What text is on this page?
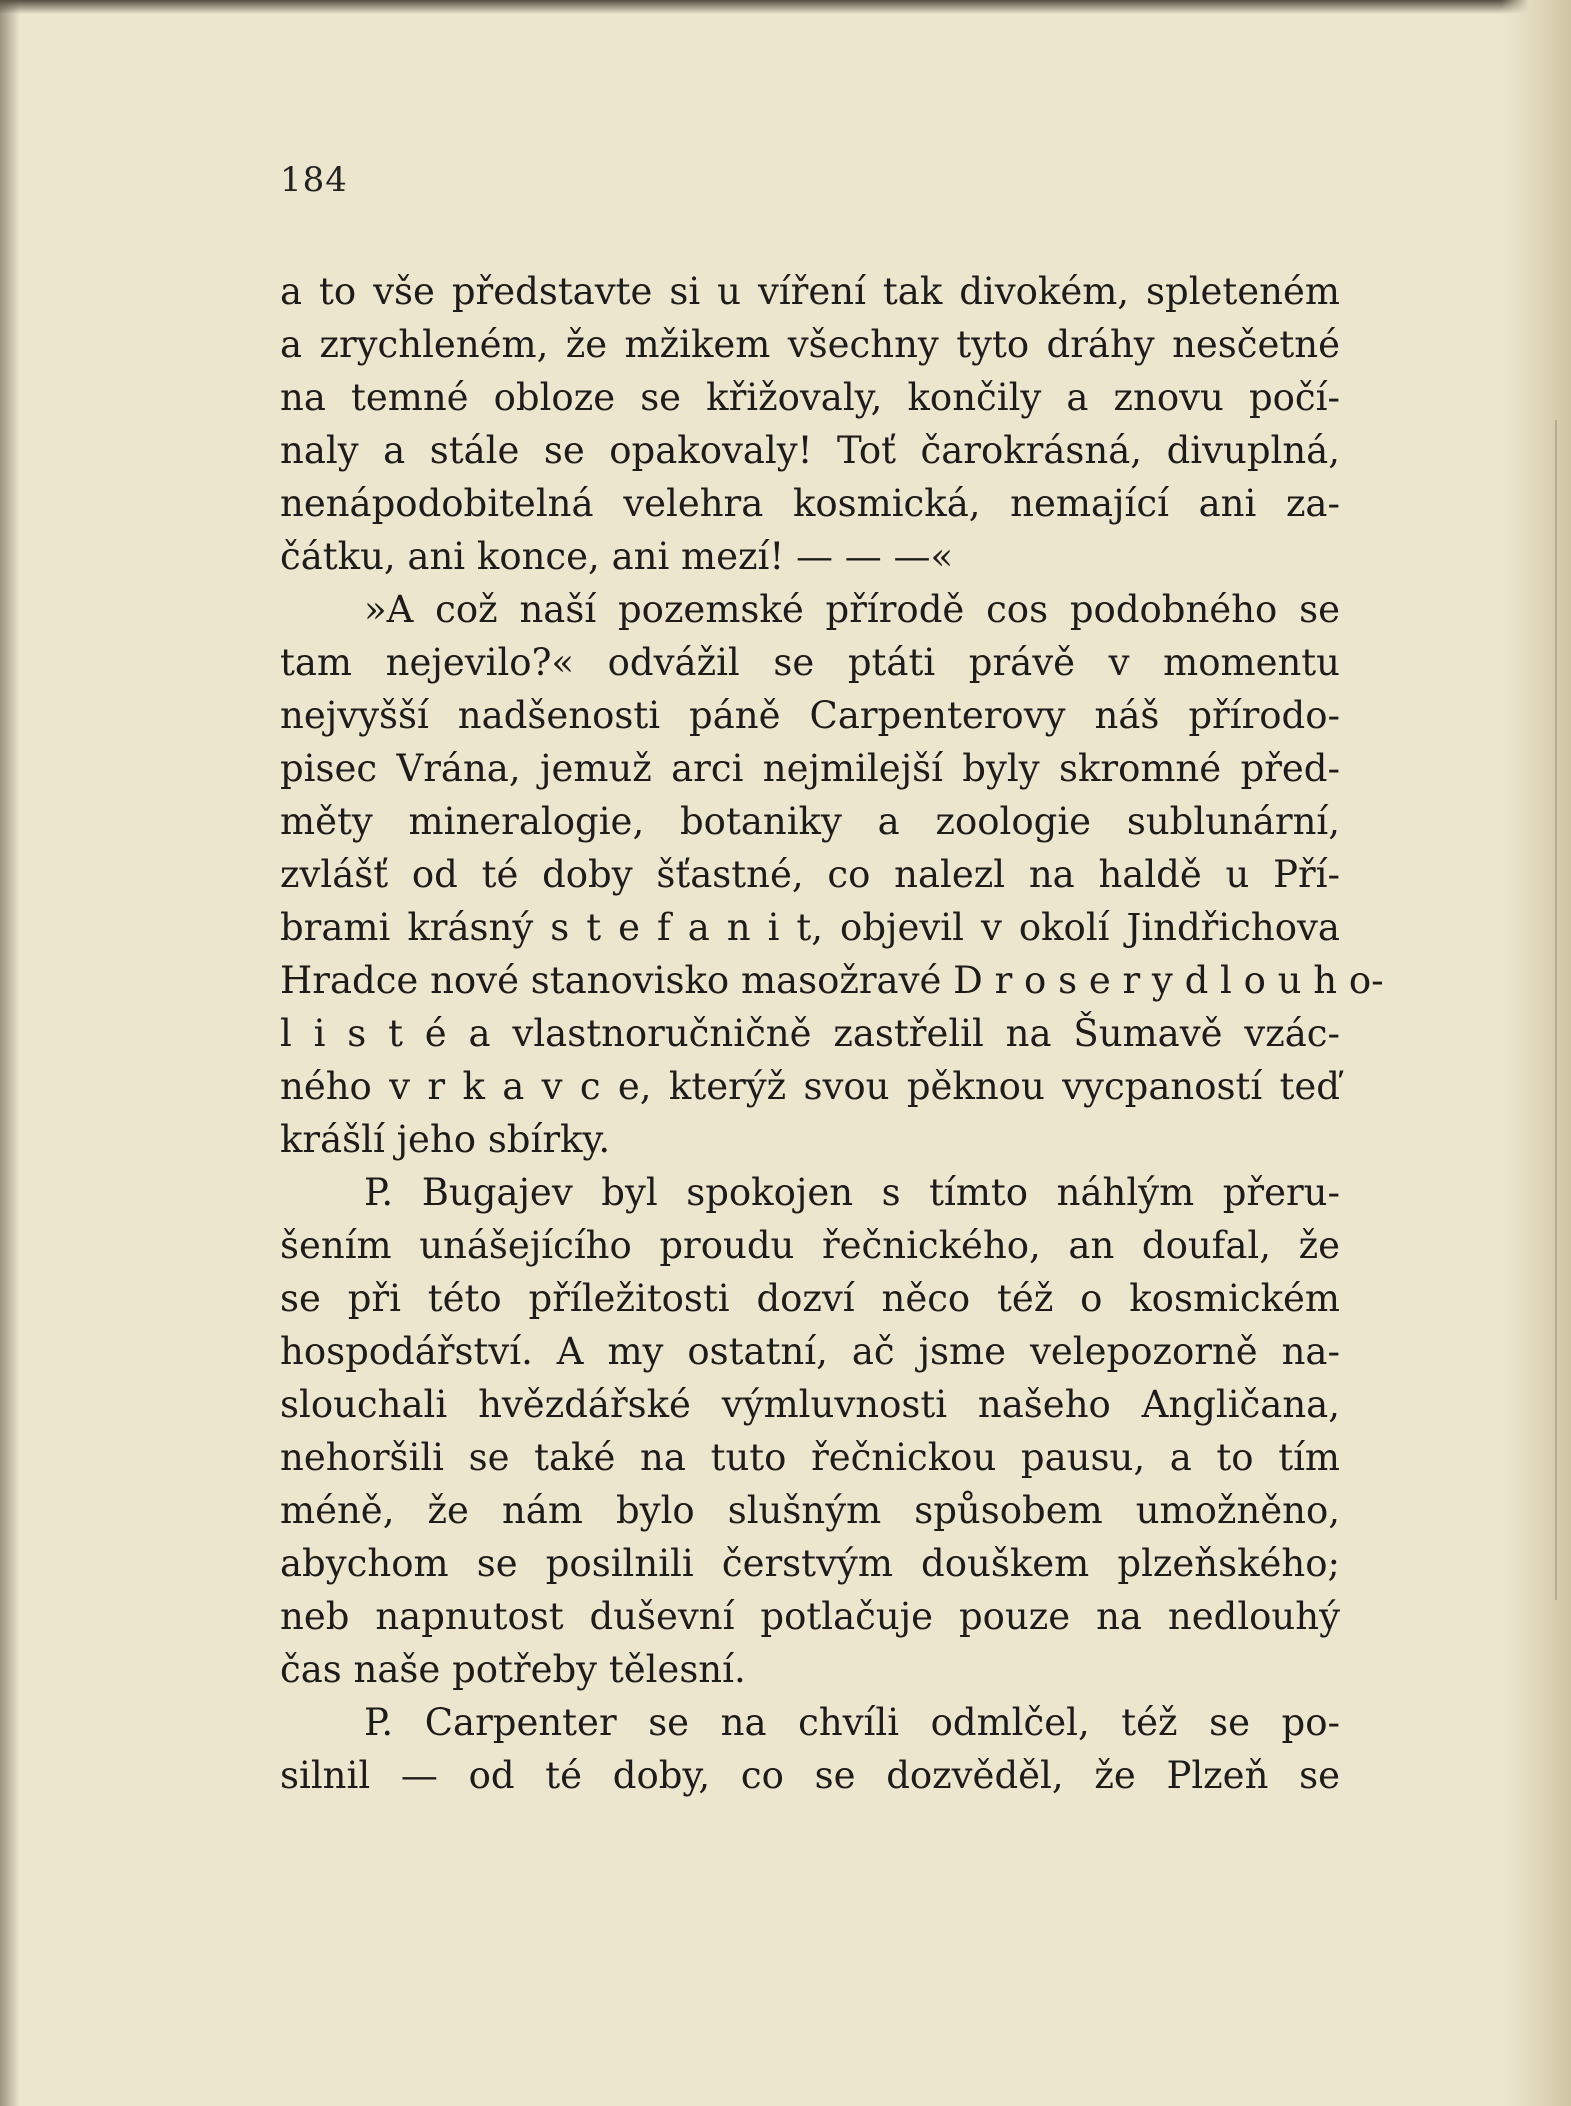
184
a to vše představte si u víření tak divokém, spleteném
a zrychleném, že mžikem všechny tyto dráhy nesčetné
na temné obloze se křižovaly, končily a znovu počí-
naly a stále se opakovaly! Toť čarokrásná, divuplná,
nenápodobitelná velehra kosmická, nemající ani za-
čátku, ani konce, ani mezí! — — —«
»A což naší pozemské přírodě cos podobného se
tam nejevilo?« odvážil se ptáti právě v momentu
nejvyšší nadšenosti páně Carpenterovy náš přírodo-
pisec Vrána, jemuž arci nejmilejší byly skromné před-
měty mineralogie, botaniky a zoologie sublunární,
zvlášť od té doby šťastné, co nalezl na haldě u Pří-
brami krásný s t e f a n i t, objevil v okolí Jindřichova
Hradce nové stanovisko masožravé D r o s e r y d l o u h o-
l i s t é a vlastnoručničně zastřelil na Šumavě vzác-
ného v r k a v c e, kterýž svou pěknou vycpaností teď
krášlí jeho sbírky.
P. Bugajev byl spokojen s tímto náhlým přeru-
šením unášejícího proudu řečnického, an doufal, že
se při této příležitosti dozví něco též o kosmickém
hospodářství. A my ostatní, ač jsme velepozorně na-
slouchali hvězdářské výmluvnosti našeho Angličana,
nehoršili se také na tuto řečnickou pausu, a to tím
méně, že nám bylo slušným spůsobem umožněno,
abychom se posilnili čerstvým douškem plzeňského;
neb napnutost duševní potlačuje pouze na nedlouhý
čas naše potřeby tělesní.
P. Carpenter se na chvíli odmlčel, též se po-
silnil — od té doby, co se dozvěděl, že Plzeň se
